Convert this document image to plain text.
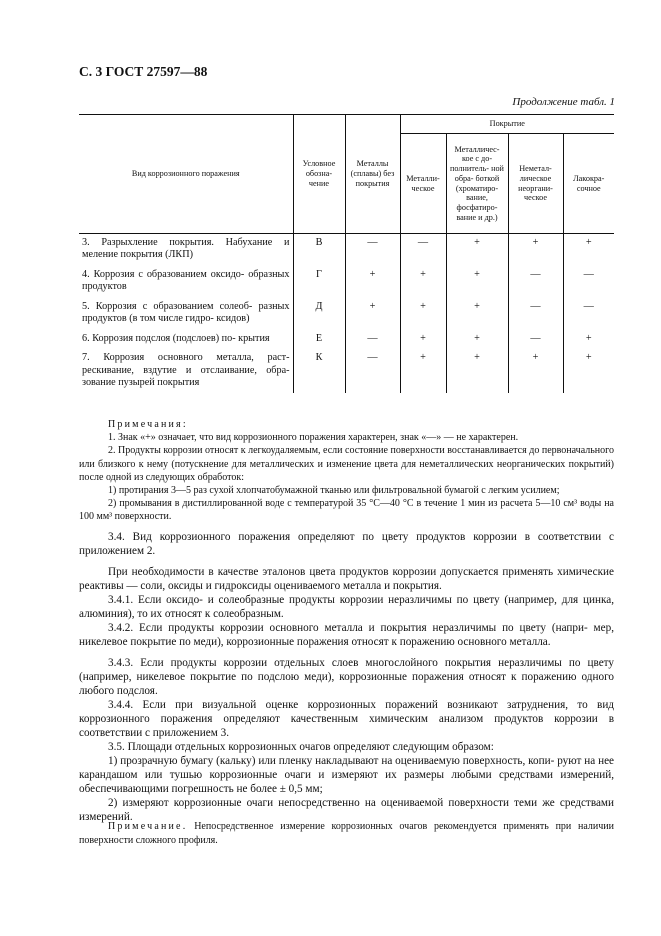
С. 3 ГОСТ 27597—88
Продолжение табл. 1
Вид коррозионного поражения	Условное обозна- чение	Металлы (сплавы) без покрытия	Покрытие			
			Металли- ческое	Металличес- кое с до- полнитель- ной обра- боткой (хроматиро- вание, фосфатиро- вание и др.)	Неметал- лическое неоргани- ческое	Лакокра- сочное
3. Разрыхление покрытия. Набухание и меление покрытия (ЛКП)	В	—	—	+	+	+
4. Коррозия с образованием оксидо- образных продуктов	Г	+	+	+	—	—
5. Коррозия с образованием солеоб- разных продуктов (в том числе гидро- ксидов)	Д	+	+	+	—	—
6. Коррозия подслоя (подслоев) по- крытия	Е	—	+	+	—	+
7. Коррозия основного металла, раст- рескивание, вздутие и отслаивание, обра- зование пузырей покрытия	К	—	+	+	+	+

Примечания:

1. Знак «+» означает, что вид коррозионного поражения характерен, знак «—» — не характерен.

2. Продукты коррозии относят к легкоудаляемым, если состояние поверхности восстанавливается до первоначального или близкого к нему (потускнение для металлических и изменение цвета для неметаллических неорганических покрытий) после одной из следующих обработок:

1) протирания 3—5 раз сухой хлопчатобумажной тканью или фильтровальной бумагой с легким усилием;

2) промывания в дистиллированной воде с температурой 35 °С—40 °С в течение 1 мин из расчета 5—10 см³ воды на 100 мм³ поверхности.

3.4. Вид коррозионного поражения определяют по цвету продуктов коррозии в соответствии с приложением 2.

При необходимости в качестве эталонов цвета продуктов коррозии допускается применять химические реактивы — соли, оксиды и гидроксиды оцениваемого металла и покрытия.

3.4.1. Если оксидо- и солеобразные продукты коррозии неразличимы по цвету (например, для цинка, алюминия), то их относят к солеобразным.

3.4.2. Если продукты коррозии основного металла и покрытия неразличимы по цвету (напри- мер, никелевое покрытие по меди), коррозионные поражения относят к поражению основного металла.

3.4.3. Если продукты коррозии отдельных слоев многослойного покрытия неразличимы по цвету (например, никелевое покрытие по подслою меди), коррозионные поражения относят к поражению одного любого подслоя.

3.4.4. Если при визуальной оценке коррозионных поражений возникают затруднения, то вид коррозионного поражения определяют качественным химическим анализом продуктов коррозии в соответствии с приложением 3.

3.5. Площади отдельных коррозионных очагов определяют следующим образом:

1) прозрачную бумагу (кальку) или пленку накладывают на оцениваемую поверхность, копи- руют на нее карандашом или тушью коррозионные очаги и измеряют их размеры любыми средствами измерений, обеспечивающими погрешность не более ± 0,5 мм;

2) измеряют коррозионные очаги непосредственно на оцениваемой поверхности теми же средствами измерений.

Примечание. Непосредственное измерение коррозионных очагов рекомендуется применять при наличии поверхности сложного профиля.
